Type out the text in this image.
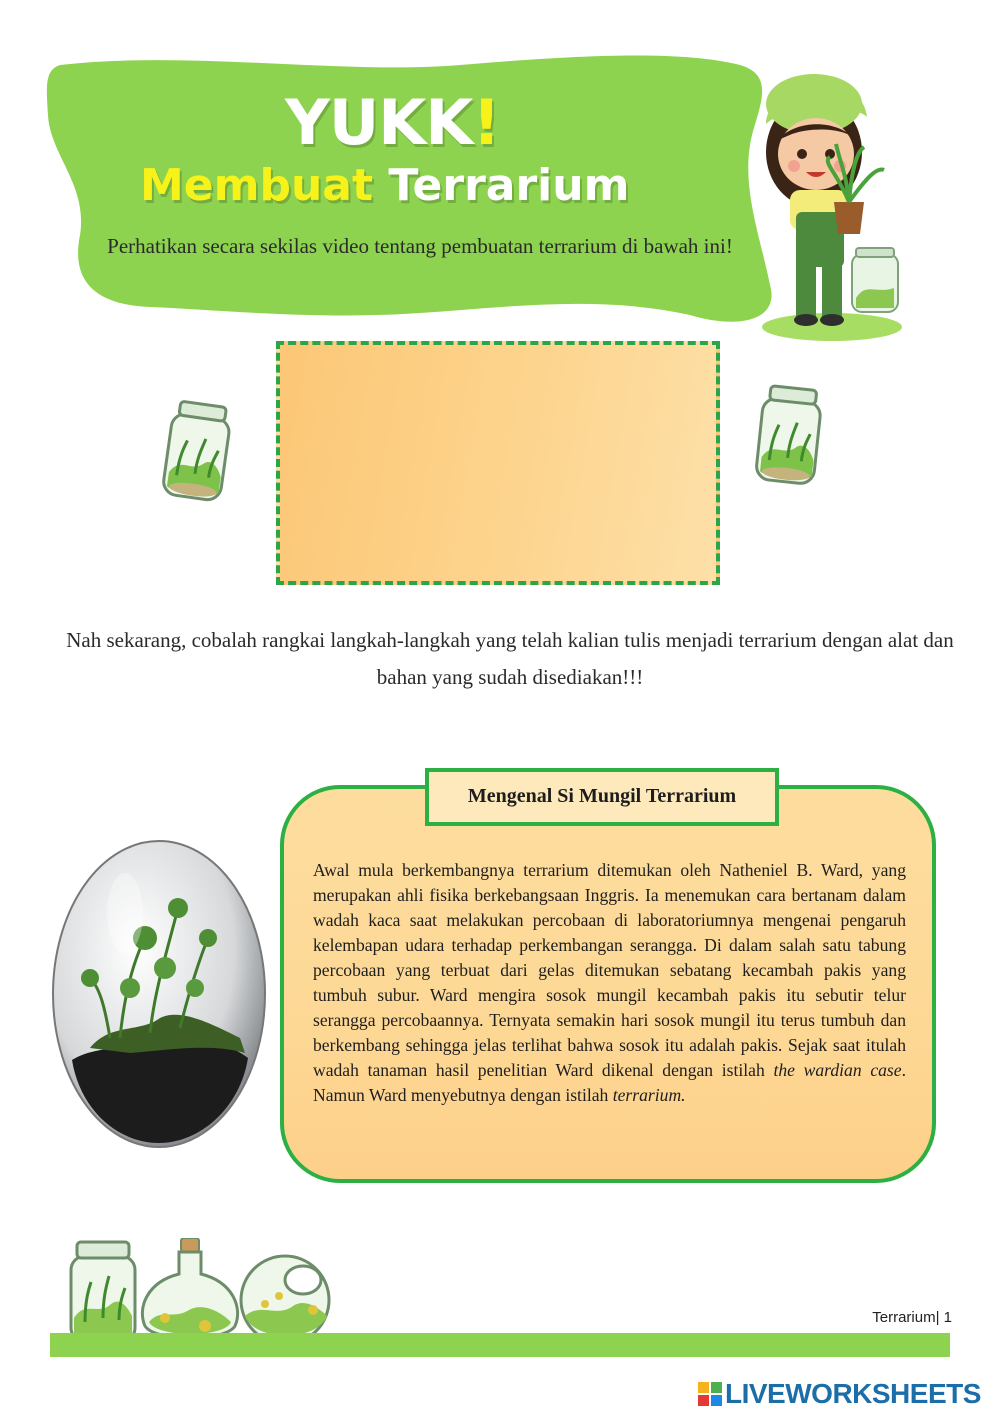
YUKK!
Membuat Terrarium
Perhatikan secara sekilas video tentang pembuatan terrarium di bawah ini!
Nah sekarang, cobalah rangkai langkah-langkah yang telah kalian tulis menjadi terrarium dengan alat dan bahan yang sudah disediakan!!!
Mengenal Si Mungil Terrarium
Awal mula berkembangnya terrarium ditemukan oleh Natheniel B. Ward, yang merupakan ahli fisika berkebangsaan Inggris. Ia menemukan cara bertanam dalam wadah kaca saat melakukan percobaan di laboratoriumnya mengenai pengaruh kelembapan udara terhadap perkembangan serangga. Di dalam salah satu tabung percobaan yang terbuat dari gelas ditemukan sebatang kecambah pakis yang tumbuh subur. Ward mengira sosok mungil kecambah pakis itu sebutir telur serangga percobaannya. Ternyata semakin hari sosok mungil itu terus tumbuh dan berkembang sehingga jelas terlihat bahwa sosok itu adalah pakis. Sejak saat itulah wadah tanaman hasil penelitian Ward dikenal dengan istilah the wardian case. Namun Ward menyebutnya dengan istilah terrarium.
Terrarium| 1
LIVEWORKSHEETS
